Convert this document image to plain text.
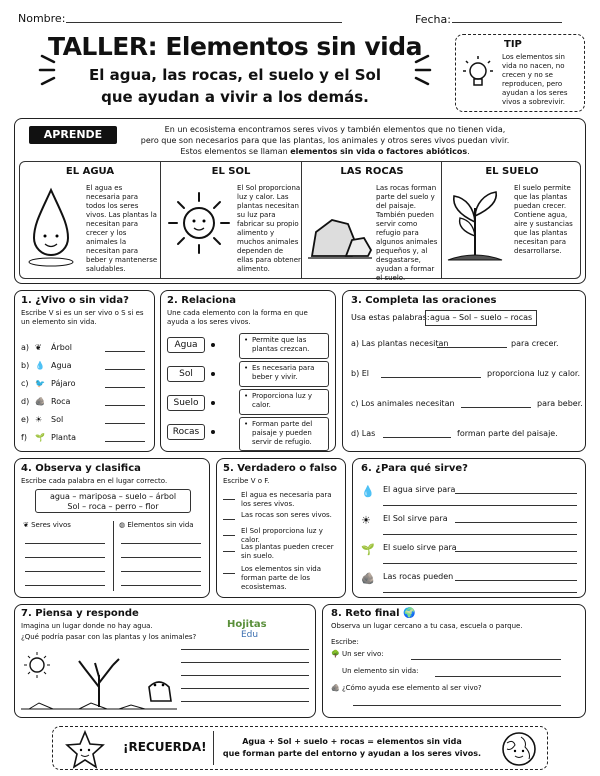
Nombre:	Fecha:
TALLER: Elementos sin vida
El agua, las rocas, el suelo y el Sol
que ayudan a vivir a los demás.
TIP
Los elementos sin vida no nacen, no crecen y no se reproducen, pero ayudan a los seres vivos a sobrevivir.
APRENDE	En un ecosistema encontramos seres vivos y también elementos que no tienen vida,
pero que son necesarios para que las plantas, los animales y otros seres vivos puedan vivir.
Estos elementos se llaman elementos sin vida o factores abióticos.
EL AGUA
El agua es necesaria para todos los seres vivos. Las plantas la necesitan para crecer y los animales la necesitan para beber y mantenerse saludables.
EL SOL
El Sol proporciona luz y calor. Las plantas necesitan su luz para fabricar su propio alimento y muchos animales dependen de ellas para obtener alimento.
LAS ROCAS
Las rocas forman parte del suelo y del paisaje. También pueden servir como refugio para algunos animales pequeños y, al desgastarse, ayudan a formar el suelo.
EL SUELO
El suelo permite que las plantas puedan crecer. Contiene agua, aire y sustancias que las plantas necesitan para desarrollarse.
1. ¿Vivo o sin vida?
Escribe V si es un ser vivo o S si es un elemento sin vida.
a) ❦ Árbol
b) 💧 Agua
c) 🐦 Pájaro
d) 🪨 Roca
e) ☀ Sol
f) 🌱 Planta
2. Relaciona
Une cada elemento con la forma en que ayuda a los seres vivos.
Agua
Sol
Suelo
Rocas
• Permite que las plantas crezcan.
• Es necesaria para beber y vivir.
• Proporciona luz y calor.
• Forman parte del paisaje y pueden servir de refugio.
3. Completa las oraciones
Usa estas palabras: agua – Sol – suelo – rocas
a) Las plantas necesitan	para crecer.
b) El	proporciona luz y calor.
c) Los animales necesitan	para beber.
d) Las	forman parte del paisaje.
4. Observa y clasifica
Escribe cada palabra en el lugar correcto.
agua – mariposa – suelo – árbol
Sol – roca – perro – flor
❦ Seres vivos	◍ Elementos sin vida
5. Verdadero o falso
Escribe V o F.
El agua es necesaria para los seres vivos.
Las rocas son seres vivos.
El Sol proporciona luz y calor.
Las plantas pueden crecer sin suelo.
Los elementos sin vida forman parte de los ecosistemas.
6. ¿Para qué sirve?
💧 El agua sirve para
☀ El Sol sirve para
🌱 El suelo sirve para
🪨 Las rocas pueden
7. Piensa y responde
Imagina un lugar donde no hay agua.
¿Qué podría pasar con las plantas y los animales?
Hojitas
Edu
8. Reto final 🌍
Observa un lugar cercano a tu casa, escuela o parque.
Escribe:
🌳 Un ser vivo:
Un elemento sin vida:
🪨 ¿Cómo ayuda ese elemento al ser vivo?
¡RECUERDA!	Agua + Sol + suelo + rocas = elementos sin vida
que forman parte del entorno y ayudan a los seres vivos.
